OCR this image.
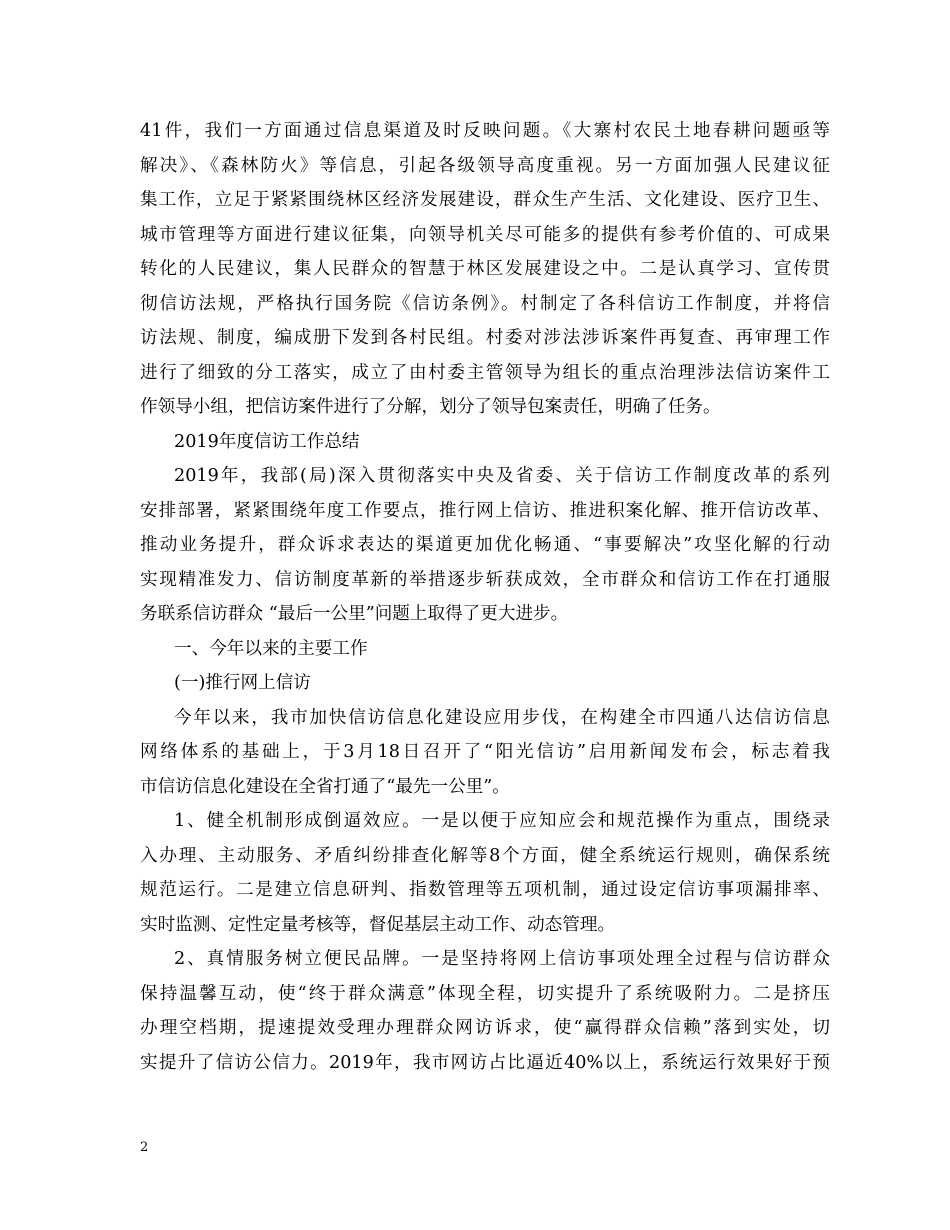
41件，我们一方面通过信息渠道及时反映问题。《大寨村农民土地春耕问题亟等
解决》、《森林防火》等信息，引起各级领导高度重视。另一方面加强人民建议征
集工作，立足于紧紧围绕林区经济发展建设，群众生产生活、文化建设、医疗卫生、
城市管理等方面进行建议征集，向领导机关尽可能多的提供有参考价值的、可成果
转化的人民建议，集人民群众的智慧于林区发展建设之中。二是认真学习、宣传贯
彻信访法规，严格执行国务院《信访条例》。村制定了各科信访工作制度，并将信
访法规、制度，编成册下发到各村民组。村委对涉法涉诉案件再复查、再审理工作
进行了细致的分工落实，成立了由村委主管领导为组长的重点治理涉法信访案件工
作领导小组，把信访案件进行了分解，划分了领导包案责任，明确了任务。
2019年度信访工作总结
2019年，我部(局)深入贯彻落实中央及省委、关于信访工作制度改革的系列
安排部署，紧紧围绕年度工作要点，推行网上信访、推进积案化解、推开信访改革、
推动业务提升，群众诉求表达的渠道更加优化畅通、“事要解决”攻坚化解的行动
实现精准发力、信访制度革新的举措逐步斩获成效，全市群众和信访工作在打通服
务联系信访群众 “最后一公里”问题上取得了更大进步。
一、今年以来的主要工作
(一)推行网上信访
今年以来，我市加快信访信息化建设应用步伐，在构建全市四通八达信访信息
网络体系的基础上，于3月18日召开了“阳光信访”启用新闻发布会，标志着我
市信访信息化建设在全省打通了“最先一公里”。
1、健全机制形成倒逼效应。一是以便于应知应会和规范操作为重点，围绕录
入办理、主动服务、矛盾纠纷排查化解等8个方面，健全系统运行规则，确保系统
规范运行。二是建立信息研判、指数管理等五项机制，通过设定信访事项漏排率、
实时监测、定性定量考核等，督促基层主动工作、动态管理。
2、真情服务树立便民品牌。一是坚持将网上信访事项处理全过程与信访群众
保持温馨互动，使“终于群众满意”体现全程，切实提升了系统吸附力。二是挤压
办理空档期，提速提效受理办理群众网访诉求，使“赢得群众信赖”落到实处，切
实提升了信访公信力。2019年，我市网访占比逼近40%以上，系统运行效果好于预
2
